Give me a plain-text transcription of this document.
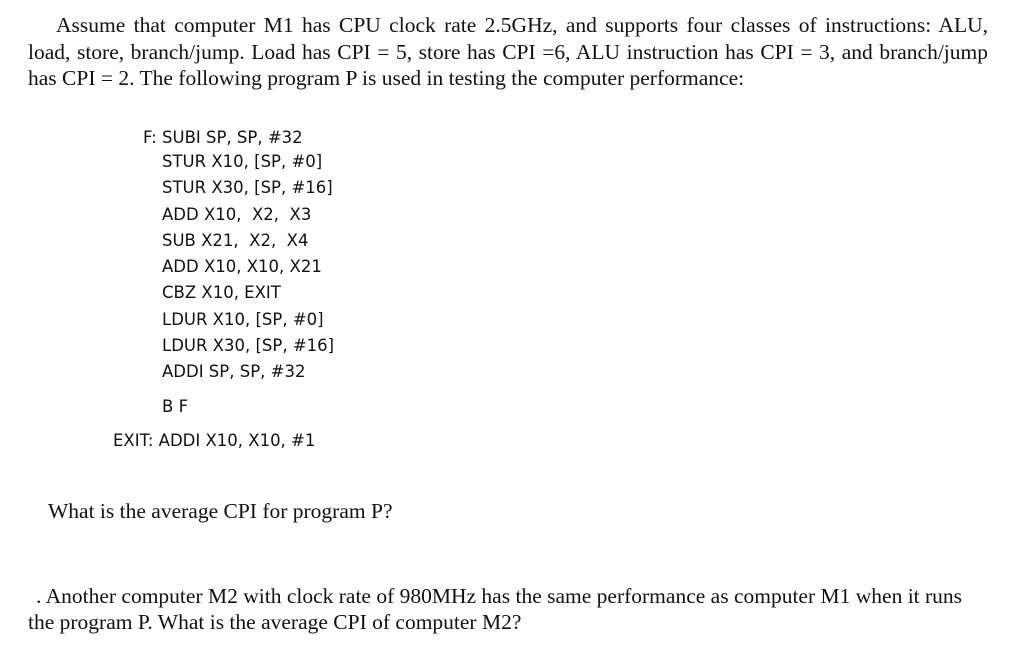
Assume that computer M1 has CPU clock rate 2.5GHz, and supports four classes of instructions: ALU, load, store, branch/jump. Load has CPI = 5, store has CPI =6, ALU instruction has CPI = 3, and branch/jump has CPI = 2. The following program P is used in testing the computer performance:

F: SUBI SP, SP, #32
STUR X10, [SP, #0]
STUR X30, [SP, #16]
ADD X10,  X2,  X3
SUB X21,  X2,  X4
ADD X10, X10, X21
CBZ X10, EXIT
LDUR X10, [SP, #0]
LDUR X30, [SP, #16]
ADDI SP, SP, #32
B F
EXIT: ADDI X10, X10, #1

What is the average CPI for program P?

. Another computer M2 with clock rate of 980MHz has the same performance as computer M1 when it runs the program P. What is the average CPI of computer M2?
